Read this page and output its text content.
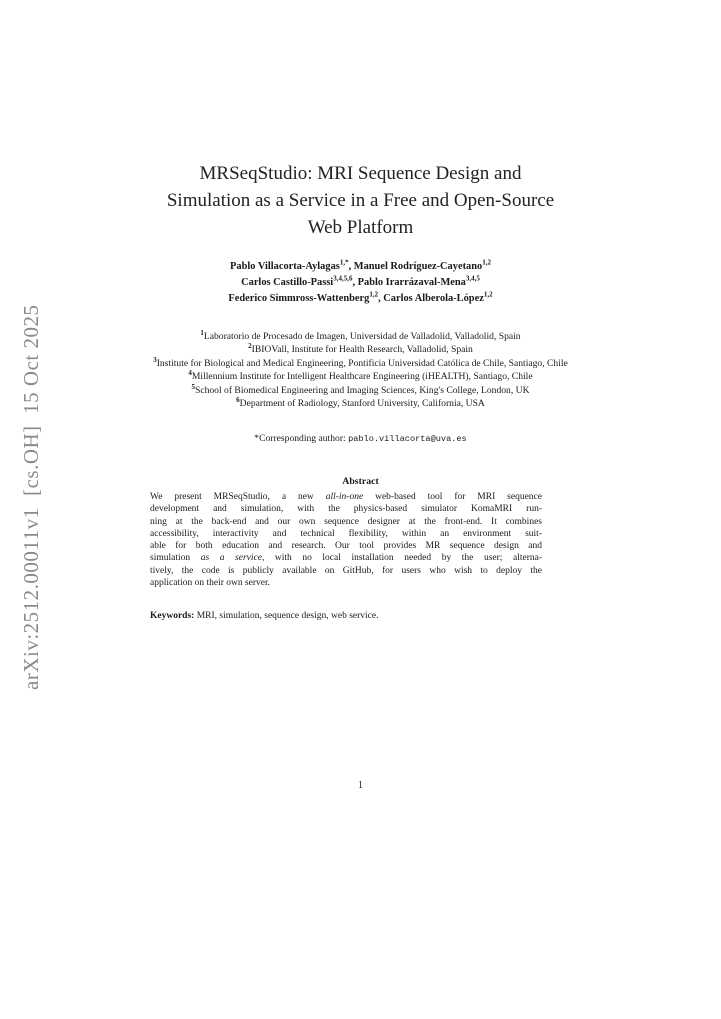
arXiv:2512.00011v1  [cs.OH]  15 Oct 2025
MRSeqStudio: MRI Sequence Design and
Simulation as a Service in a Free and Open-Source
Web Platform
Pablo Villacorta-Aylagas$^{1,*}$, Manuel Rodríguez-Cayetano$^{1,2}$
Carlos Castillo-Passi$^{3,4,5,6}$, Pablo Irarrázaval-Mena$^{3,4,5}$
Federico Simmross-Wattenberg$^{1,2}$, Carlos Alberola-López$^{1,2}$
$^1$Laboratorio de Procesado de Imagen, Universidad de Valladolid, Valladolid, Spain
$^2$IBIOVall, Institute for Health Research, Valladolid, Spain
$^3$Institute for Biological and Medical Engineering, Pontificia Universidad Católica de Chile, Santiago, Chile
$^4$Millennium Institute for Intelligent Healthcare Engineering (iHEALTH), Santiago, Chile
$^5$School of Biomedical Engineering and Imaging Sciences, King's College, London, UK
$^6$Department of Radiology, Stanford University, California, USA
*Corresponding author: pablo.villacorta@uva.es
Abstract
We present MRSeqStudio, a new all-in-one web-based tool for MRI sequence
development and simulation, with the physics-based simulator KomaMRI run-
ning at the back-end and our own sequence designer at the front-end. It combines
accessibility, interactivity and technical flexibility, within an environment suit-
able for both education and research. Our tool provides MR sequence design and
simulation as a service, with no local installation needed by the user; alterna-
tively, the code is publicly available on GitHub, for users who wish to deploy the
application on their own server.
Keywords: MRI, simulation, sequence design, web service.
1
